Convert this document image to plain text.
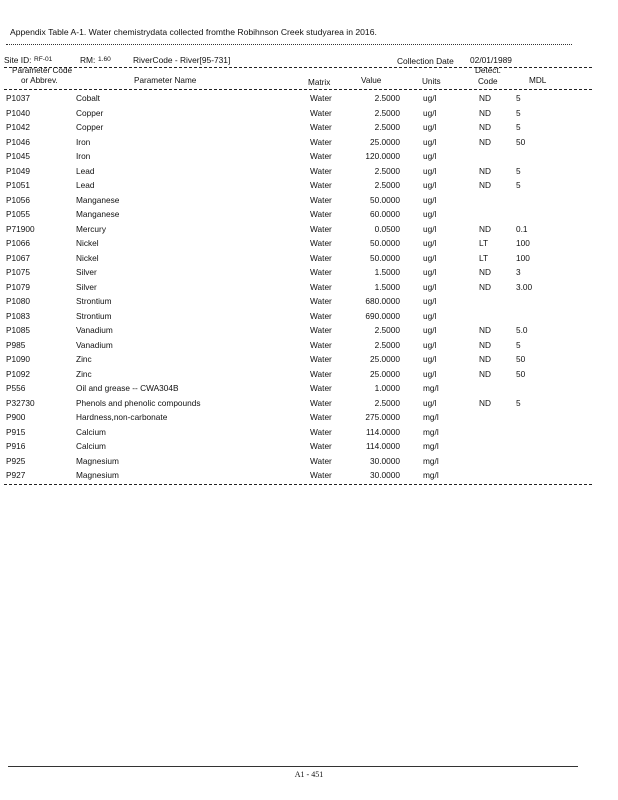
Appendix Table A-1. Water chemistrydata collected fromthe Robihnson Creek studyarea in 2016.
Site ID: RF-01	RM: 1.60	RiverCode - River[95-731]	Collection Date 02/01/1989
Parameter Code
or Abbrev.	Parameter Name	Matrix	Value	Units
Detect.
Code	MDL
P1037	Cobalt	Water	2.5000	ug/l	ND	5
P1040	Copper	Water	2.5000	ug/l	ND	5
P1042	Copper	Water	2.5000	ug/l	ND	5
P1046	Iron	Water	25.0000	ug/l	ND	50
P1045	Iron	Water	120.0000	ug/l
P1049	Lead	Water	2.5000	ug/l	ND	5
P1051	Lead	Water	2.5000	ug/l	ND	5
P1056	Manganese	Water	50.0000	ug/l
P1055	Manganese	Water	60.0000	ug/l
P71900	Mercury	Water	0.0500	ug/l	ND	0.1
P1066	Nickel	Water	50.0000	ug/l	LT	100
P1067	Nickel	Water	50.0000	ug/l	LT	100
P1075	Silver	Water	1.5000	ug/l	ND	3
P1079	Silver	Water	1.5000	ug/l	ND	3.00
P1080	Strontium	Water	680.0000	ug/l
P1083	Strontium	Water	690.0000	ug/l
P1085	Vanadium	Water	2.5000	ug/l	ND	5.0
P985	Vanadium	Water	2.5000	ug/l	ND	5
P1090	Zinc	Water	25.0000	ug/l	ND	50
P1092	Zinc	Water	25.0000	ug/l	ND	50
P556	Oil and grease -- CWA304B	Water	1.0000	mg/l
P32730	Phenols and phenolic compounds	Water	2.5000	ug/l	ND	5
P900	Hardness,non-carbonate	Water	275.0000	mg/l
P915	Calcium	Water	114.0000	mg/l
P916	Calcium	Water	114.0000	mg/l
P925	Magnesium	Water	30.0000	mg/l
P927	Magnesium	Water	30.0000	mg/l
A1 - 451
